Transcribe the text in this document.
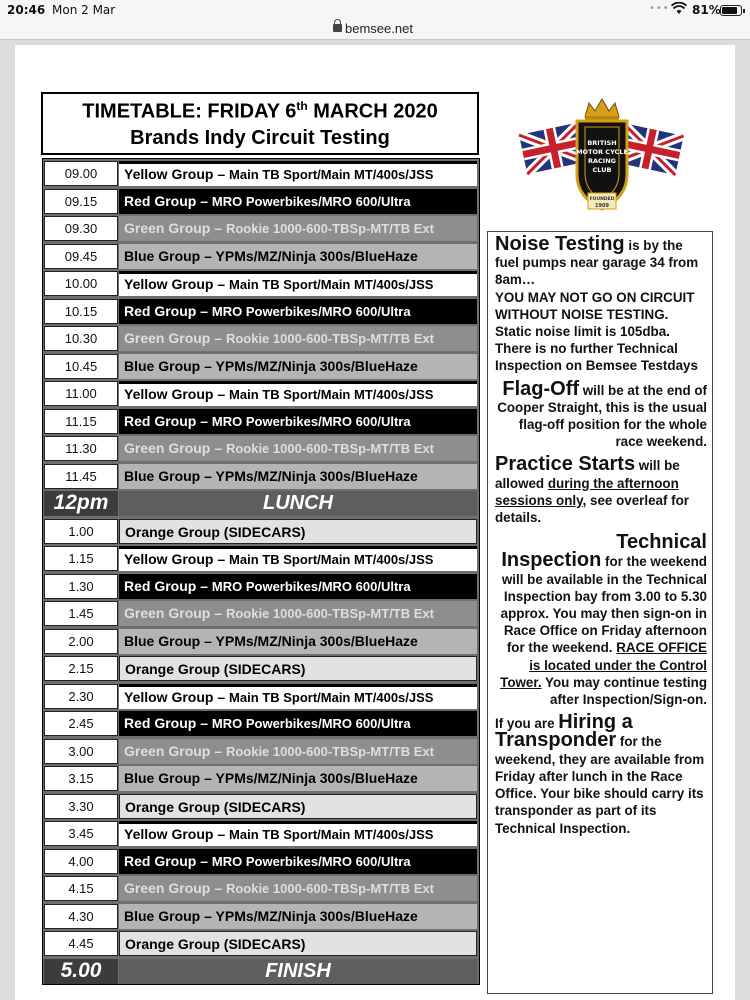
20:46 Mon 2 Mar	••• 81%
bemsee.net
TIMETABLE: FRIDAY 6th MARCH 2020
Brands Indy Circuit Testing	BRITISH
MOTOR CYCLE
RACING
CLUB
FOUNDED
1909
09.00	Yellow Group – Main TB Sport/Main MT/400s/JSS
09.15	Red Group – MRO Powerbikes/MRO 600/Ultra
09.30	Green Group – Rookie 1000-600-TBSp-MT/TB Ext
09.45	Blue Group – YPMs/MZ/Ninja 300s/BlueHaze
10.00	Yellow Group – Main TB Sport/Main MT/400s/JSS
10.15	Red Group – MRO Powerbikes/MRO 600/Ultra
10.30	Green Group – Rookie 1000-600-TBSp-MT/TB Ext
10.45	Blue Group – YPMs/MZ/Ninja 300s/BlueHaze
11.00	Yellow Group – Main TB Sport/Main MT/400s/JSS
11.15	Red Group – MRO Powerbikes/MRO 600/Ultra
11.30	Green Group – Rookie 1000-600-TBSp-MT/TB Ext
11.45	Blue Group – YPMs/MZ/Ninja 300s/BlueHaze
12pm	LUNCH
1.00	Orange Group (SIDECARS)
1.15	Yellow Group – Main TB Sport/Main MT/400s/JSS
1.30	Red Group – MRO Powerbikes/MRO 600/Ultra
1.45	Green Group – Rookie 1000-600-TBSp-MT/TB Ext
2.00	Blue Group – YPMs/MZ/Ninja 300s/BlueHaze
2.15	Orange Group (SIDECARS)
2.30	Yellow Group – Main TB Sport/Main MT/400s/JSS
2.45	Red Group – MRO Powerbikes/MRO 600/Ultra
3.00	Green Group – Rookie 1000-600-TBSp-MT/TB Ext
3.15	Blue Group – YPMs/MZ/Ninja 300s/BlueHaze
3.30	Orange Group (SIDECARS)
3.45	Yellow Group – Main TB Sport/Main MT/400s/JSS
4.00	Red Group – MRO Powerbikes/MRO 600/Ultra
4.15	Green Group – Rookie 1000-600-TBSp-MT/TB Ext
4.30	Blue Group – YPMs/MZ/Ninja 300s/BlueHaze
4.45	Orange Group (SIDECARS)
5.00	FINISH

Noise Testing is by the fuel pumps near garage 34 from 8am…
YOU MAY NOT GO ON CIRCUIT WITHOUT NOISE TESTING.
Static noise limit is 105dba. There is no further Technical Inspection on Bemsee Testdays

Flag-Off will be at the end of Cooper Straight, this is the usual flag-off position for the whole race weekend.

Practice Starts will be allowed during the afternoon sessions only, see overleaf for details.

Technical
Inspection for the weekend will be available in the Technical Inspection bay from 3.00 to 5.30 approx. You may then sign-on in Race Office on Friday afternoon for the weekend. RACE OFFICE is located under the Control Tower. You may continue testing after Inspection/Sign-on.

If you are Hiring a
Transponder for the weekend, they are available from Friday after lunch in the Race Office. Your bike should carry its transponder as part of its Technical Inspection.
